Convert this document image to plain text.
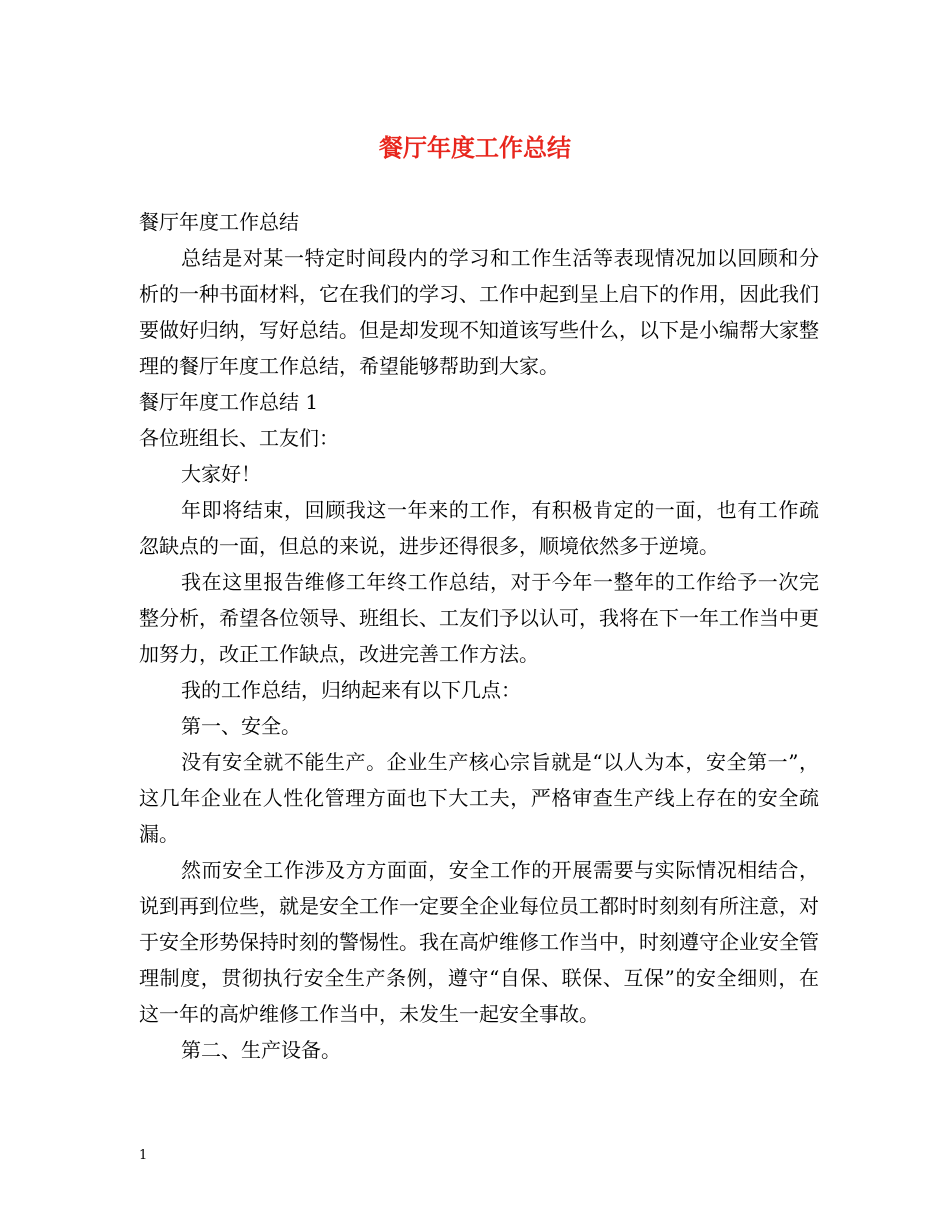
餐厅年度工作总结

餐厅年度工作总结

总结是对某一特定时间段内的学习和工作生活等表现情况加以回顾和分析的一种书面材料，它在我们的学习、工作中起到呈上启下的作用，因此我们要做好归纳，写好总结。但是却发现不知道该写些什么，以下是小编帮大家整理的餐厅年度工作总结，希望能够帮助到大家。

餐厅年度工作总结 1

各位班组长、工友们：

大家好！

年即将结束，回顾我这一年来的工作，有积极肯定的一面，也有工作疏忽缺点的一面，但总的来说，进步还得很多，顺境依然多于逆境。

我在这里报告维修工年终工作总结，对于今年一整年的工作给予一次完整分析，希望各位领导、班组长、工友们予以认可，我将在下一年工作当中更加努力，改正工作缺点，改进完善工作方法。

我的工作总结，归纳起来有以下几点：

第一、安全。

没有安全就不能生产。企业生产核心宗旨就是“以人为本，安全第一”，这几年企业在人性化管理方面也下大工夫，严格审查生产线上存在的安全疏漏。

然而安全工作涉及方方面面，安全工作的开展需要与实际情况相结合，说到再到位些，就是安全工作一定要全企业每位员工都时时刻刻有所注意，对于安全形势保持时刻的警惕性。我在高炉维修工作当中，时刻遵守企业安全管理制度，贯彻执行安全生产条例，遵守“自保、联保、互保”的安全细则，在这一年的高炉维修工作当中，未发生一起安全事故。

第二、生产设备。

1
